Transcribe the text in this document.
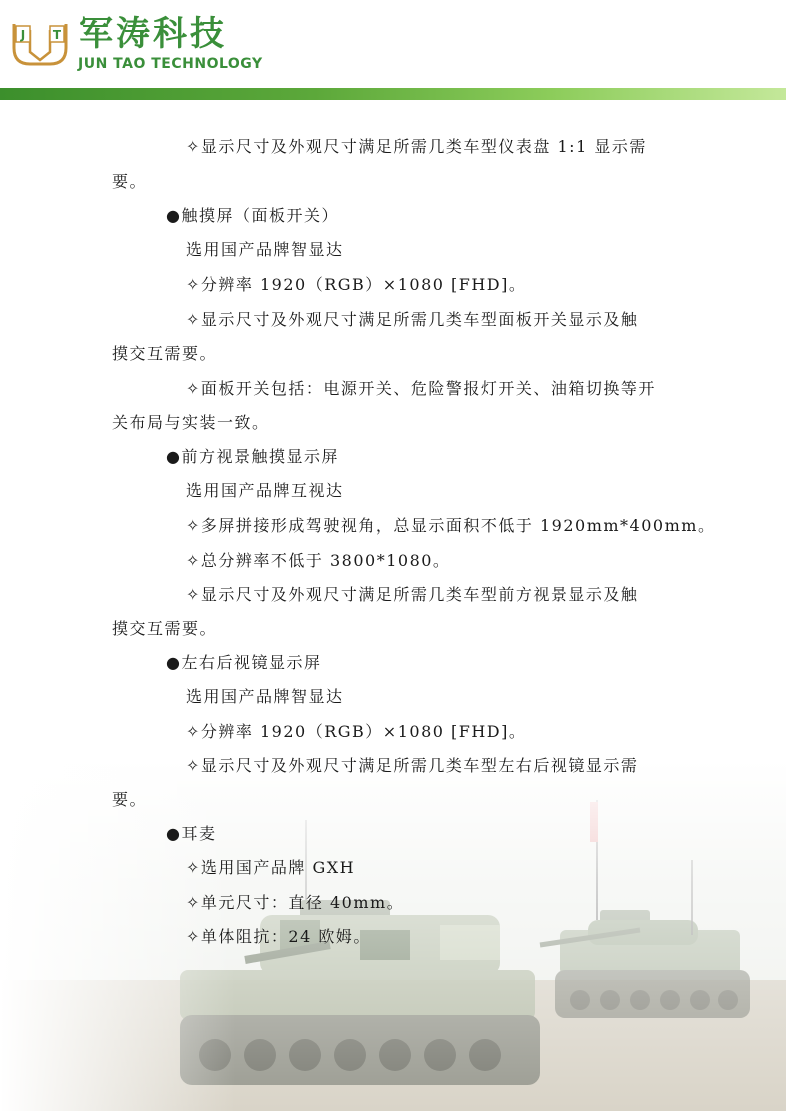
J T 军涛科技
JUN TAO TECHNOLOGY
✧显示尺寸及外观尺寸满足所需几类车型仪表盘 1:1 显示需
要。
●触摸屏（面板开关）
选用国产品牌智显达
✧分辨率 1920（RGB）×1080 [FHD]。
✧显示尺寸及外观尺寸满足所需几类车型面板开关显示及触
摸交互需要。
✧面板开关包括：电源开关、危险警报灯开关、油箱切换等开
关布局与实装一致。
●前方视景触摸显示屏
选用国产品牌互视达
✧多屏拼接形成驾驶视角，总显示面积不低于 1920mm*400mm。
✧总分辨率不低于 3800*1080。
✧显示尺寸及外观尺寸满足所需几类车型前方视景显示及触
摸交互需要。
●左右后视镜显示屏
选用国产品牌智显达
✧分辨率 1920（RGB）×1080 [FHD]。
✧显示尺寸及外观尺寸满足所需几类车型左右后视镜显示需
要。
●耳麦
✧选用国产品牌 GXH
✧单元尺寸：直径 40mm。
✧单体阻抗：24 欧姆。
